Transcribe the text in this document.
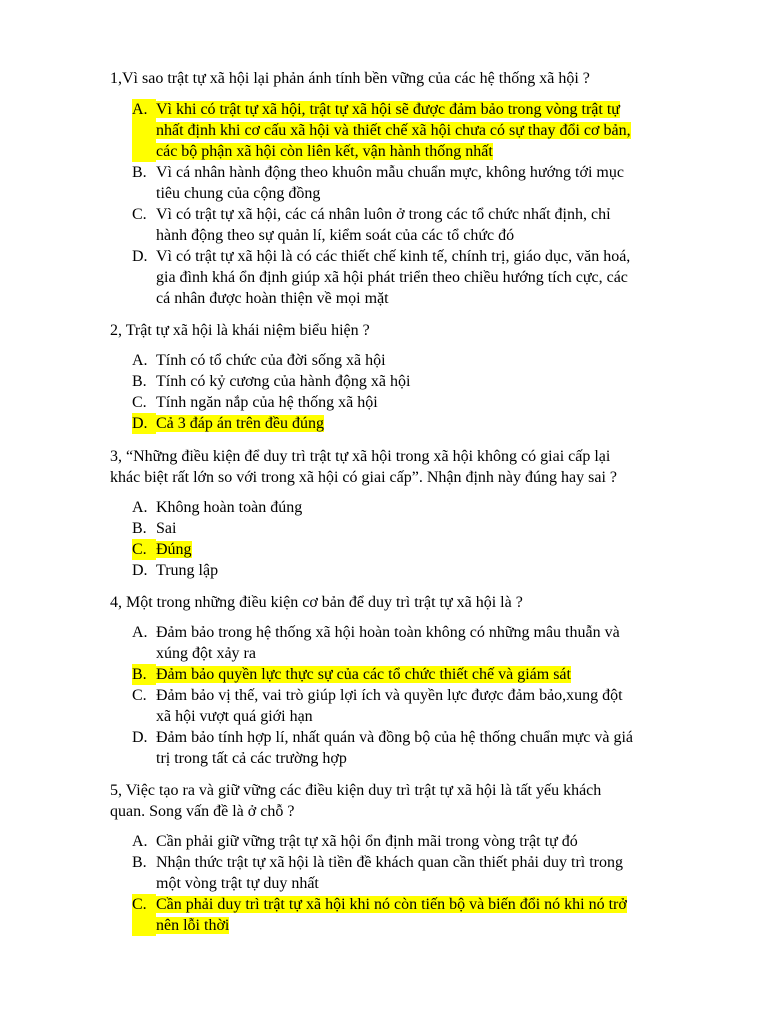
1,Vì sao trật tự xã hội lại phản ánh tính bền vững của các hệ thống xã hội ?

A. Vì khi có trật tự xã hội, trật tự xã hội sẽ được đảm bảo trong vòng trật tự
nhất định khi cơ cấu xã hội và thiết chế xã hội chưa có sự thay đổi cơ bản,
các bộ phận xã hội còn liên kết, vận hành thống nhất
B. Vì cá nhân hành động theo khuôn mẫu chuẩn mực, không hướng tới mục
tiêu chung của cộng đồng
C. Vì có trật tự xã hội, các cá nhân luôn ở trong các tổ chức nhất định, chỉ
hành động theo sự quản lí, kiểm soát của các tổ chức đó
D. Vì có trật tự xã hội là có các thiết chế kinh tế, chính trị, giáo dục, văn hoá,
gia đình khá ổn định giúp xã hội phát triển theo chiều hướng tích cực, các
cá nhân được hoàn thiện về mọi mặt

2, Trật tự xã hội là khái niệm biểu hiện ?

A. Tính có tổ chức của đời sống xã hội
B. Tính có kỷ cương của hành động xã hội
C. Tính ngăn nắp của hệ thống xã hội
D. Cả 3 đáp án trên đều đúng

3, “Những điều kiện để duy trì trật tự xã hội trong xã hội không có giai cấp lại
khác biệt rất lớn so với trong xã hội có giai cấp”. Nhận định này đúng hay sai ?

A. Không hoàn toàn đúng
B. Sai
C. Đúng
D. Trung lập

4, Một trong những điều kiện cơ bản để duy trì trật tự xã hội là ?

A. Đảm bảo trong hệ thống xã hội hoàn toàn không có những mâu thuẫn và
xúng đột xảy ra
B. Đảm bảo quyền lực thực sự của các tổ chức thiết chế và giám sát
C. Đảm bảo vị thế, vai trò giúp lợi ích và quyền lực được đảm bảo,xung đột
xã hội vượt quá giới hạn
D. Đảm bảo tính hợp lí, nhất quán và đồng bộ của hệ thống chuẩn mực và giá
trị trong tất cả các trường hợp

5, Việc tạo ra và giữ vững các điều kiện duy trì trật tự xã hội là tất yếu khách
quan. Song vấn đề là ở chỗ ?

A. Cần phải giữ vững trật tự xã hội ổn định mãi trong vòng trật tự đó
B. Nhận thức trật tự xã hội là tiền đề khách quan cần thiết phải duy trì trong
một vòng trật tự duy nhất
C. Cần phải duy trì trật tự xã hội khi nó còn tiến bộ và biến đổi nó khi nó trở
nên lỗi thời
